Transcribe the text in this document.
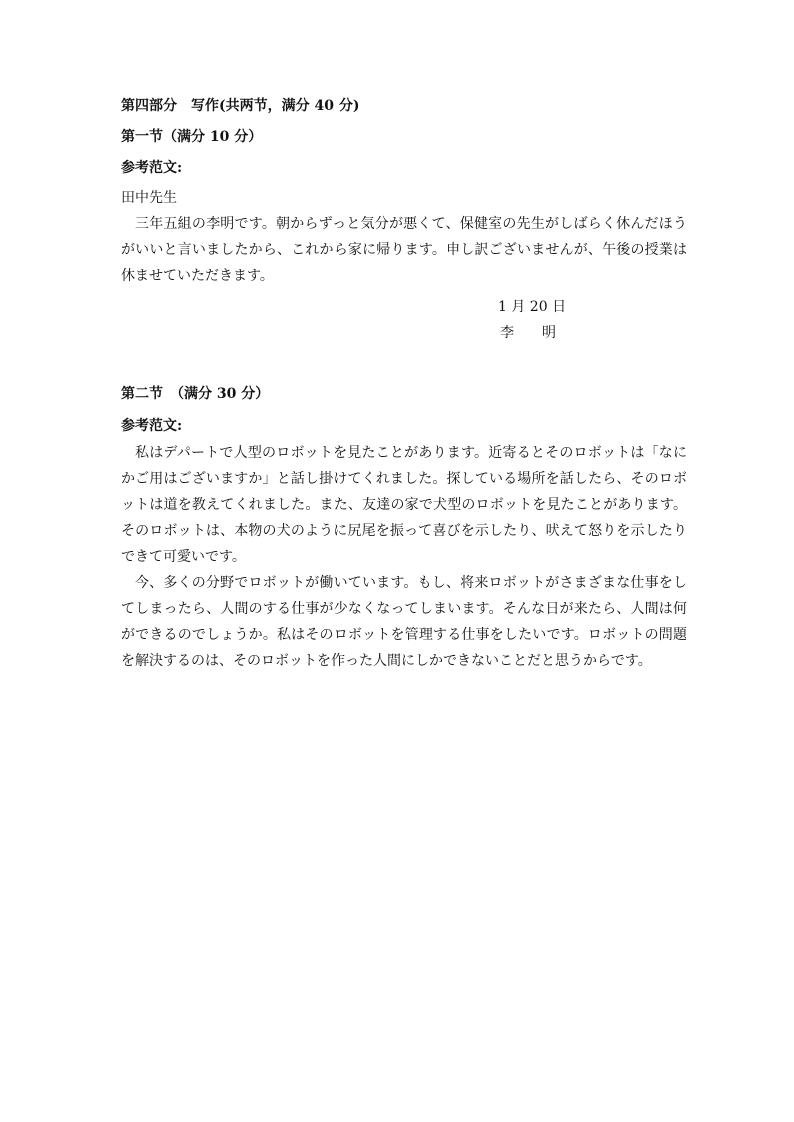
第四部分　写作(共两节，满分 40 分)
第一节（满分 10 分）
参考范文:
田中先生
三年五組の李明です。朝からずっと気分が悪くて、保健室の先生がしばらく休んだほうがいいと言いましたから、これから家に帰ります。申し訳ございませんが、午後の授業は休ませていただきます。
1 月 20 日
李　　明
第二节　（满分 30 分）
参考范文:
私はデパートで人型のロボットを見たことがあります。近寄るとそのロボットは「なにかご用はございますか」と話し掛けてくれました。探している場所を話したら、そのロボットは道を教えてくれました。また、友達の家で犬型のロボットを見たことがあります。そのロボットは、本物の犬のように尻尾を振って喜びを示したり、吠えて怒りを示したりできて可愛いです。
今、多くの分野でロボットが働いています。もし、将来ロボットがさまざまな仕事をしてしまったら、人間のする仕事が少なくなってしまいます。そんな日が来たら、人間は何ができるのでしょうか。私はそのロボットを管理する仕事をしたいです。ロボットの問題を解決するのは、そのロボットを作った人間にしかできないことだと思うからです。
